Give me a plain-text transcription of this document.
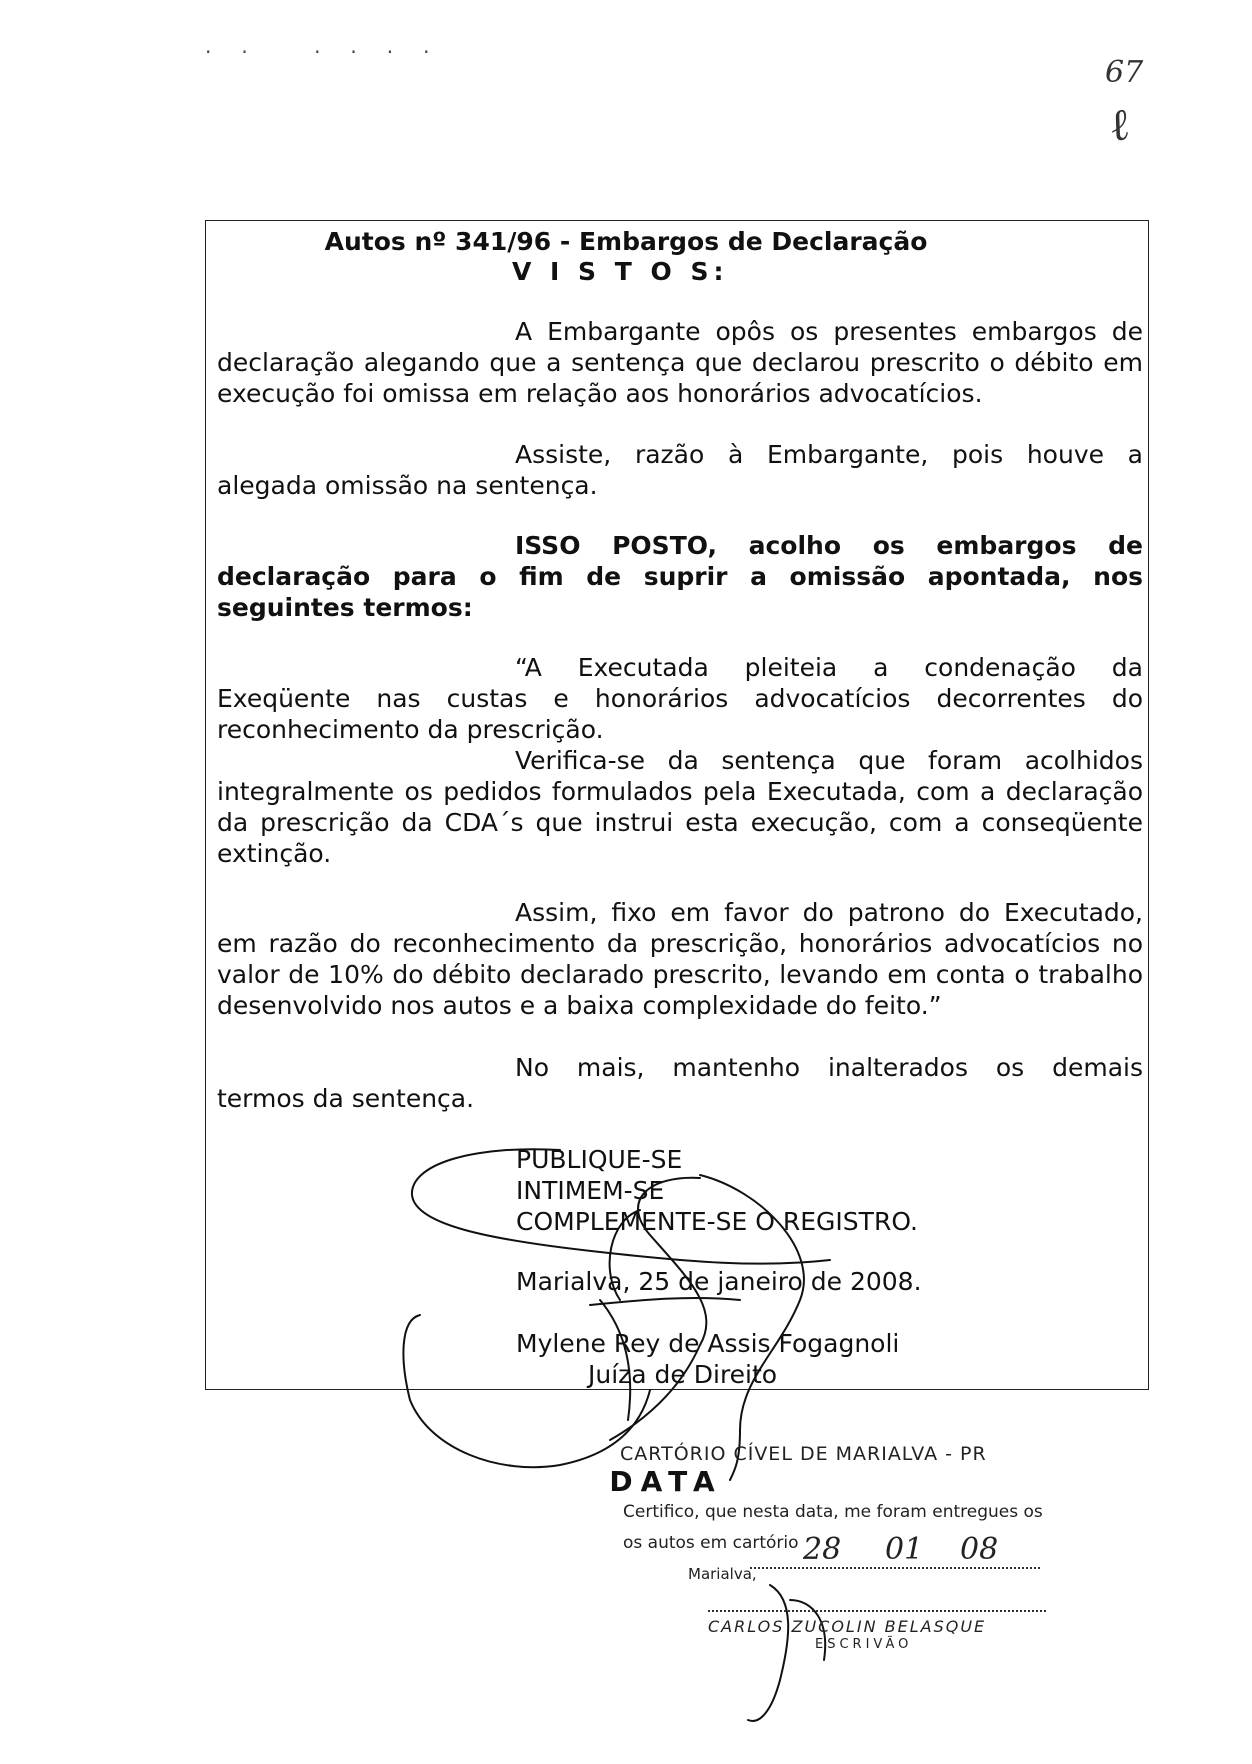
67
ℓ
·· ····
Autos nº 341/96 - Embargos de Declaração
V I S T O S:
A Embargante opôs os presentes embargos de
declaração alegando que a sentença que declarou prescrito o débito em execução foi omissa em relação aos honorários advocatícios.
Assiste, razão à Embargante, pois houve a
alegada omissão na sentença.
ISSO POSTO, acolho os embargos de
declaração para o fim de suprir a omissão apontada, nos seguintes termos:
“A Executada pleiteia a condenação da
Exeqüente nas custas e honorários advocatícios decorrentes do reconhecimento da prescrição.
Verifica-se da sentença que foram acolhidos
integralmente os pedidos formulados pela Executada, com a declaração da prescrição da CDA´s que instrui esta execução, com a conseqüente extinção.
Assim, fixo em favor do patrono do Executado,
em razão do reconhecimento da prescrição, honorários advocatícios no valor de 10% do débito declarado prescrito, levando em conta o trabalho desenvolvido nos autos e a baixa complexidade do feito.”
No mais, mantenho inalterados os demais
termos da sentença.
PUBLIQUE-SE
INTIMEM-SE
COMPLEMENTE-SE O REGISTRO.
Marialva, 25 de janeiro de 2008.
Mylene Rey de Assis Fogagnoli
Juíza de Direito
CARTÓRIO CÍVEL DE MARIALVA - PR
DATA
Certifico, que nesta data, me foram entregues os
os autos em cartório
Marialva,
28 01 08
CARLOS ZUCOLIN BELASQUE
ESCRIVÃO
